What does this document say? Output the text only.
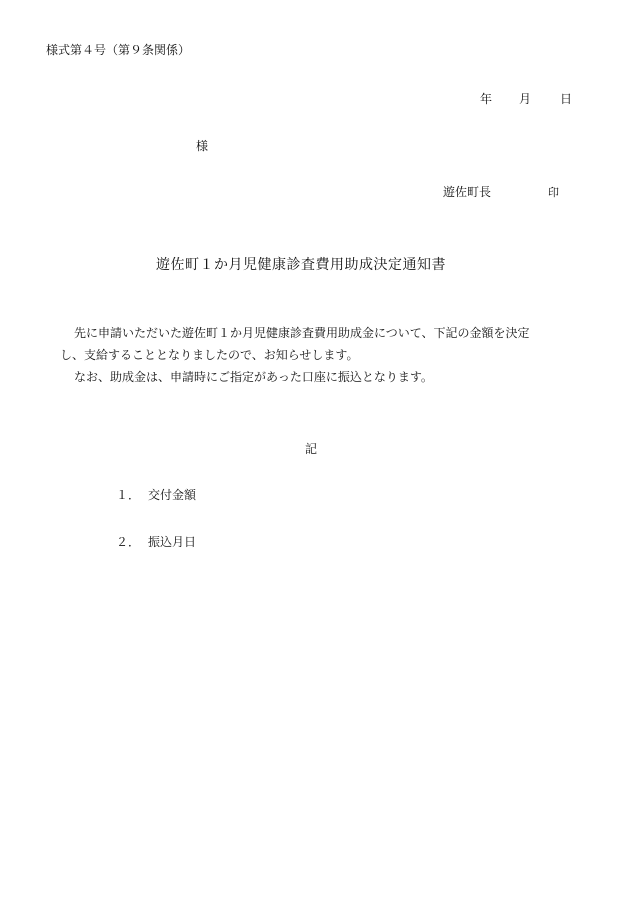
様式第４号（第９条関係）
年 月 日
様
遊佐町長	印
遊佐町１か月児健康診査費用助成決定通知書

先に申請いただいた遊佐町１か月児健康診査費用助成金について、下記の金額を決定
し、支給することとなりましたので、お知らせします。

なお、助成金は、申請時にご指定があった口座に振込となります。

記
１． 交付金額
２． 振込月日
